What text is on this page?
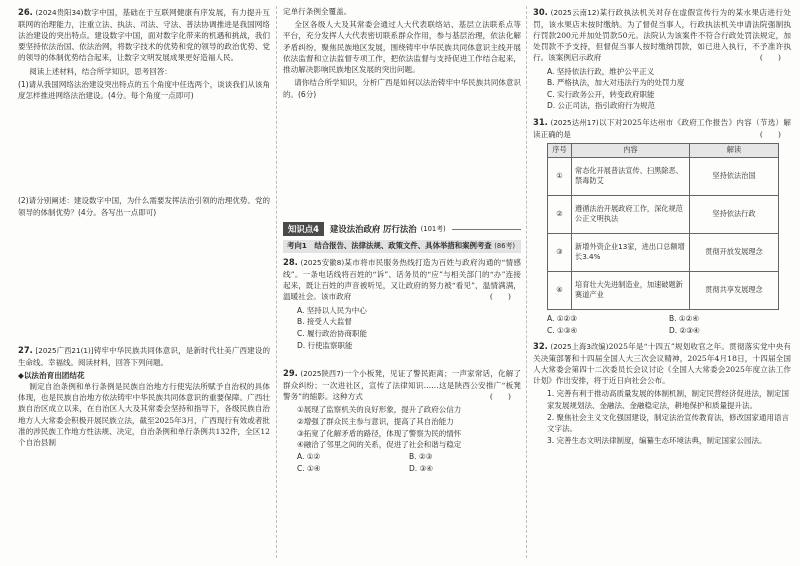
26. (2024贵阳34)数字中国，基础在于互联网健康有序发展，有力提升互联网的治理能力，注重立法、执法、司法、守法、普法协调推进是我国网络法治建设的突出特点。建设数字中国，面对数字化带来的机遇和挑战，我们要坚持依法治国、依法治网，将数字技术的优势和党的领导的政治优势、党的领导的体制优势结合起来，让数字文明发展成果更好造福人民。
阅读上述材料，结合所学知识，思考回答：
(1)请从我国网络法治建设突出特点的五个角度中任选两个，谈谈我们从该角度怎样推进网络法治建设。(4分。每个角度一点即可)
(2)请分别阐述：建设数字中国，为什么需要发挥法治引领的治理优势、党的领导的体制优势？(4分。各写出一点即可)
27. [2025广西21(1)]铸牢中华民族共同体意识，是新时代壮美广西建设的生命线、幸福线。阅读材料，回答下列问题。
◆以法治育出团结花
制定自治条例和单行条例是民族自治地方行使宪法所赋予自治权的具体体现，也是民族自治地方依法铸牢中华民族共同体意识的重要保障。广西壮族自治区成立以来，在自治区人大及其常委会坚持和指导下，各级民族自治地方人大常委会积极开展民族立法，截至2025年3月，广西现行有效或者批准的涉民族工作地方性法规、决定，自治条例和单行条例共132件，全区12个自治县制
定单行条例全覆盖。
全区各级人大及其常委会通过人大代表联络站、基层立法联系点等平台，充分发挥人大代表密切联系群众作用，参与基层治理，依法化解矛盾纠纷，聚焦民族地区发展，围绕铸牢中华民族共同体意识主线开展依法监督和立法监督专项工作，把依法监督与支持促进工作结合起来，推动解决影响民族地区发展的突出问题。
请你结合所学知识，分析广西是如何以法治铸牢中华民族共同体意识的。(6分)
知识点4	建设法治政府 厉行法治 (101考)
考向1　结合报告、法律法规、政策文件、具体举措和案例考查 (86考)
28. (2025安徽8)某市将市民服务热线打造为百姓与政府沟通的“情感线”。一条电话线将百姓的“诉”、话务员的“应”与相关部门的“办”连接起来，既让百姓的声音被听见，又让政府的努力被“看见”，温情满满，温暖社会。该市政府	(　　)
A. 坚持以人民为中心
B. 接受人大监督
C. 履行政治协商职能
D. 行使监察职能
29. (2025陕西7)一个小板凳，见证了警民距离；一声家常话，化解了群众纠纷；一次进社区，宣传了法律知识……这是陕西公安推广“板凳警务”的缩影。这种方式	(　　)
①展现了监察机关的良好形象，提升了政府公信力
②增强了群众民主参与意识，提高了其自治能力
③拓宽了化解矛盾的路径，体现了警察为民的情怀
④融洽了邻里之间的关系，促进了社会和谐与稳定
A. ①②	B. ②③
C. ①④	D. ③④
30. (2025云南12)某行政执法机关对存在虚假宣传行为的某水果店进行处罚，该水果店未按时缴纳。为了督促当事人，行政执法机关申请法院强制执行罚款200元并加处罚款50元。法院认为该案件不符合行政处罚法规定，加处罚款不予支持，但督促当事人按时缴纳罚款，如已进入执行，不予准许执行。该案例启示政府	(　　)
A. 坚持依法行政，维护公平正义
B. 严格执法，加大对违法行为的处罚力度
C. 实行政务公开，转变政府职能
D. 公正司法，指引政府行为规范
31. (2025达州17)以下对2025年达州市《政府工作报告》内容（节选）解读正确的是	(　　)
序号	内容	解读
①	常态化开展普法宣传、扫黑除恶、禁毒防艾	坚持依法治国
②	遵循法治开展政府工作，深化规范公正文明执法	坚持依法行政
③	新增外资企业13家，进出口总额增长3.4%	贯彻开放发展理念
④	培育壮大先进制造业，加速破题新赛道产业	贯彻共享发展理念
A. ①②③	B. ①②④
C. ①③④	D. ②③④
32. (2025上海3改编)2025年是“十四五”规划收官之年。贯彻落实党中央有关决策部署和十四届全国人大三次会议精神，2025年4月18日，十四届全国人大常委会第四十二次委员长会议讨论《全国人大常委会2025年度立法工作计划》作出安排，将于近日向社会公布。
1. 完善有利于推动高质量发展的体制机制，制定民营经济促进法，制定国家发展规划法、金融法、金融稳定法，耕地保护和质量提升法。
2. 聚焦社会主义文化强国建设，制定法治宣传教育法，修改国家通用语言文字法。
3. 完善生态文明法律制度，编纂生态环境法典，制定国家公园法。
